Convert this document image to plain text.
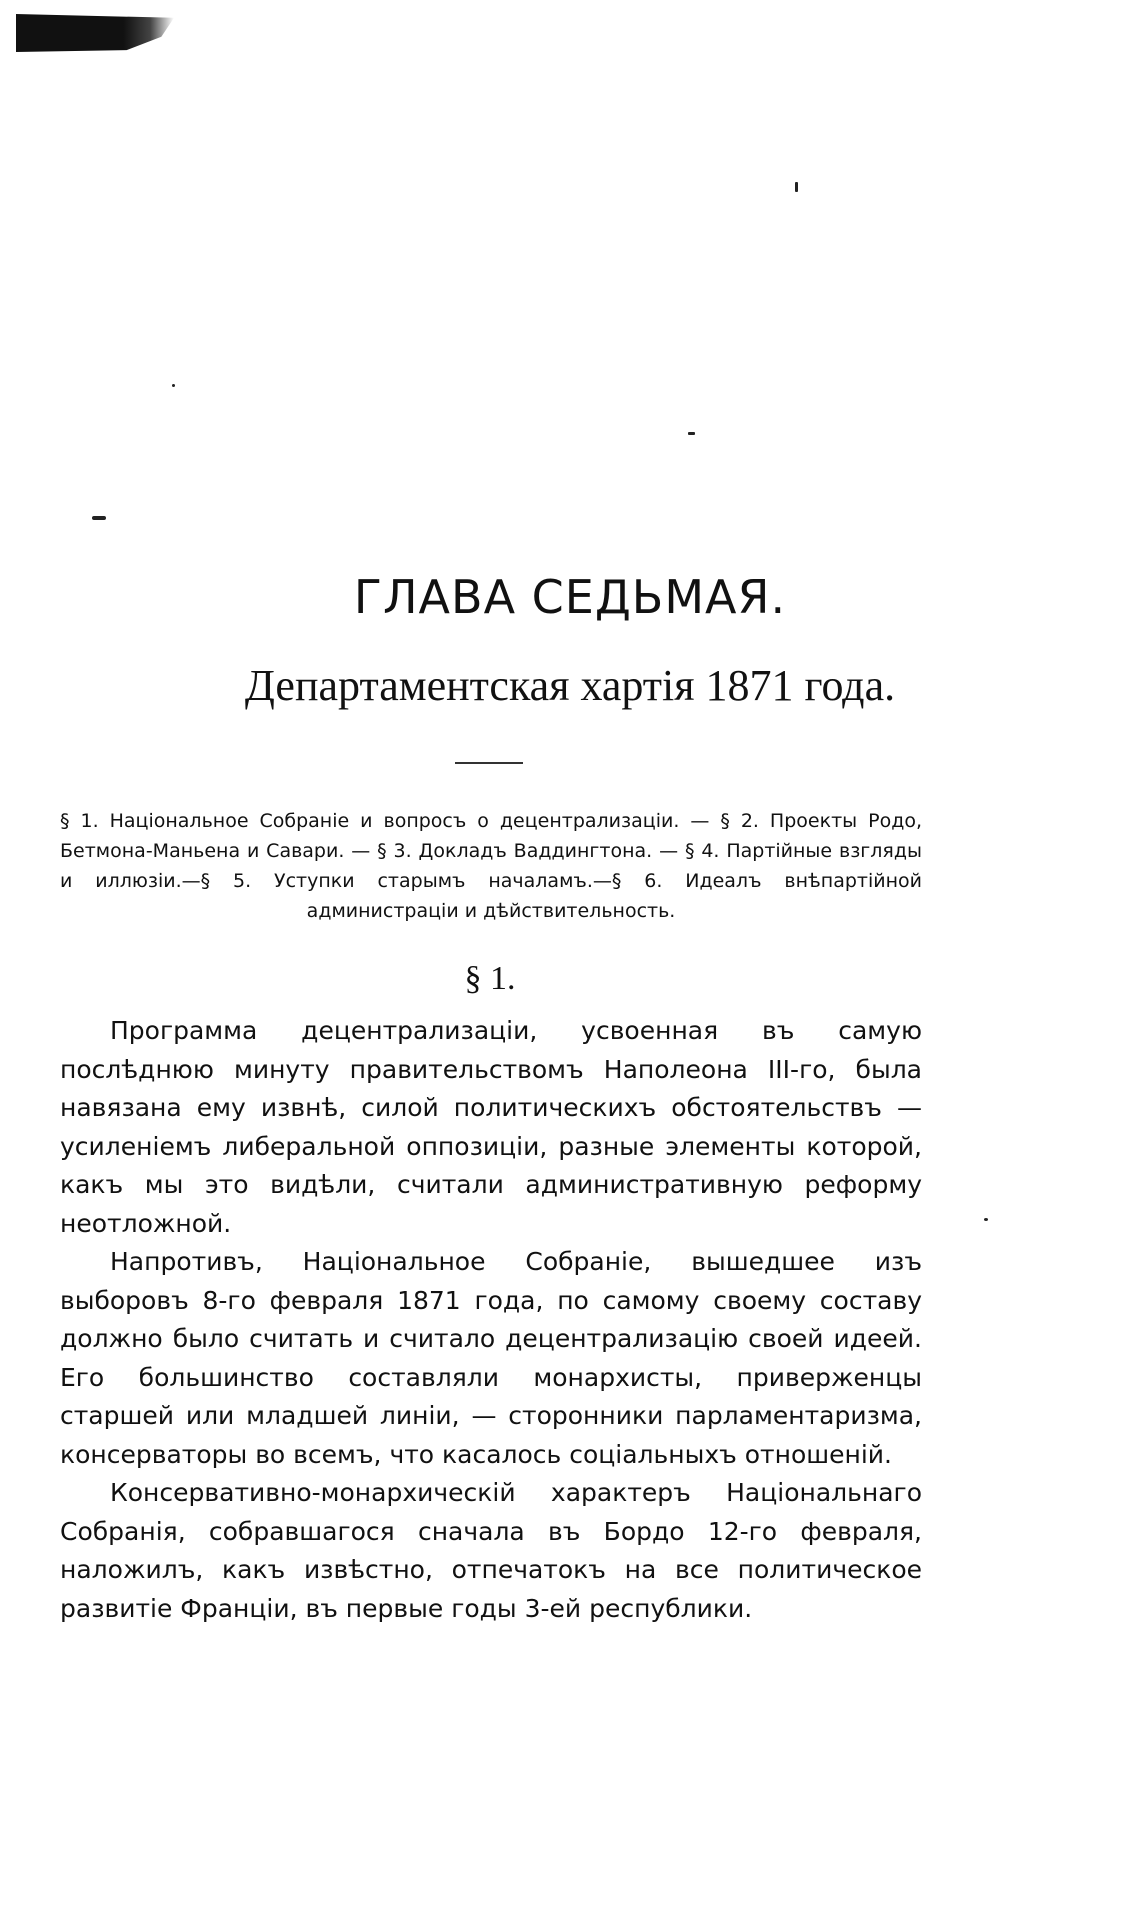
ГЛАВА СЕДЬМАЯ.
Департаментская хартія 1871 года.

§ 1. Національное Собраніе и вопросъ о децентрализаціи. — § 2. Проекты Родо, Бетмона-Маньена и Савари. — § 3. Докладъ Ваддингтона. — § 4. Партійные взгляды и иллюзіи.—§ 5. Уступки старымъ началамъ.—§ 6. Идеалъ внѣпартійной администраціи и дѣйствительность.

§ 1.

Программа децентрализаціи, усвоенная въ самую послѣднюю минуту правительствомъ Наполеона III-го, была навязана ему извнѣ, силой политическихъ обстоятельствъ — усиленіемъ либеральной оппозиціи, разные элементы которой, какъ мы это видѣли, считали административную реформу неотложной.

Напротивъ, Національное Собраніе, вышедшее изъ выборовъ 8-го февраля 1871 года, по самому своему составу должно было считать и считало децентрализацію своей идеей. Его большинство составляли монархисты, приверженцы старшей или младшей линіи, — сторонники парламентаризма, консерваторы во всемъ, что касалось соціальныхъ отношеній.

Консервативно-монархическій характеръ Національнаго Собранія, собравшагося сначала въ Бордо 12-го февраля, наложилъ, какъ извѣстно, отпечатокъ на все политическое развитіе Франціи, въ первые годы 3-ей республики.
